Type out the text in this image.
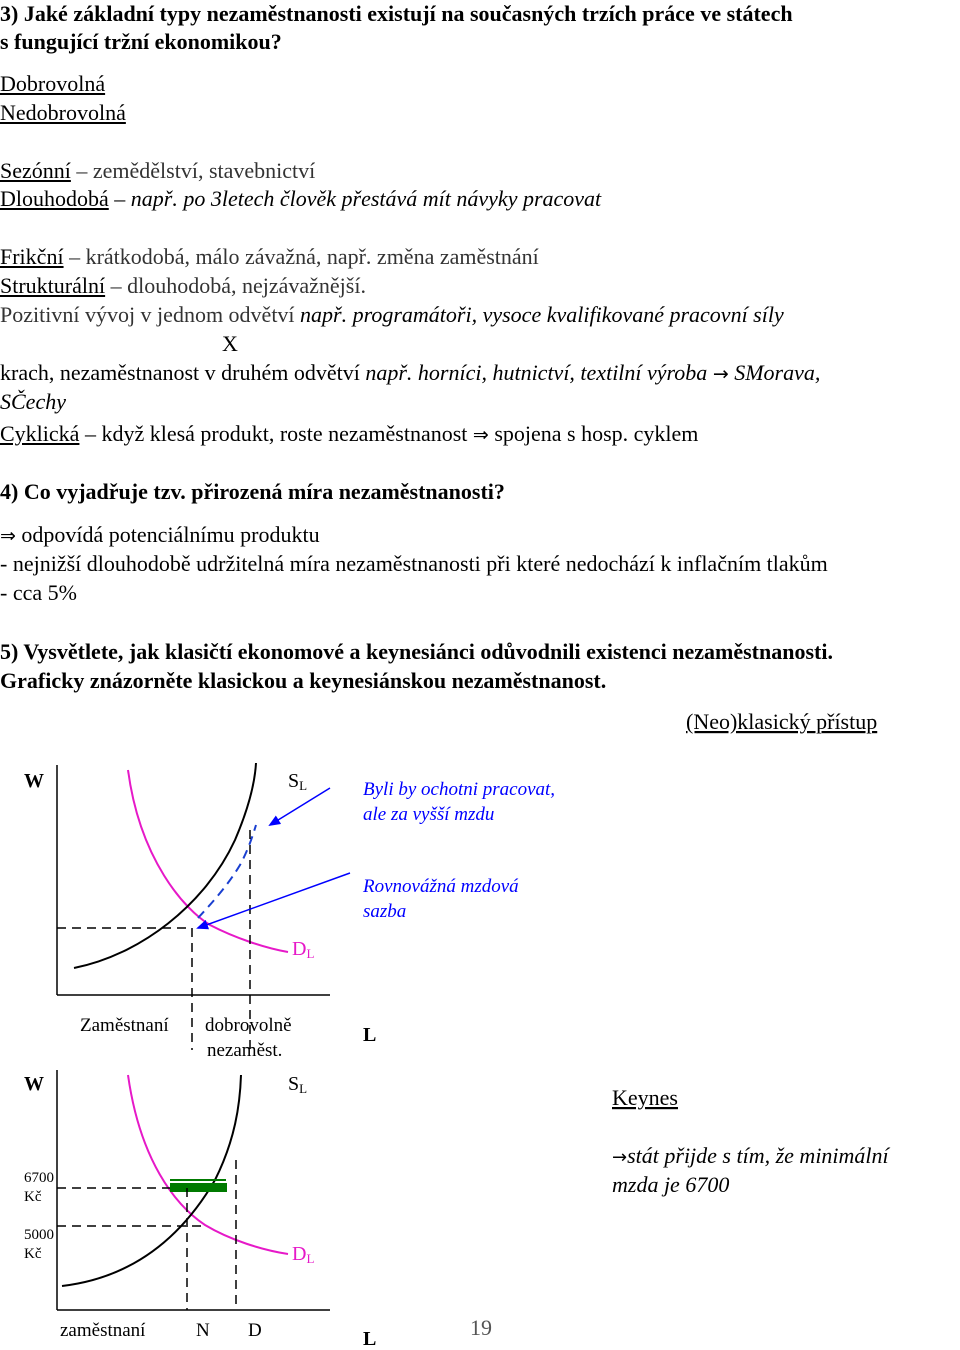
3) Jaké základní typy nezaměstnanosti existují na současných trzích práce ve státech
s fungující tržní ekonomikou?
Dobrovolná
Nedobrovolná
Sezónní – zemědělství, stavebnictví
Dlouhodobá – např. po 3letech člověk přestává mít návyky pracovat
Frikční – krátkodobá, málo závažná, např. změna zaměstnání
Strukturální – dlouhodobá, nejzávažnější.
Pozitivní vývoj v jednom odvětví např. programátoři, vysoce kvalifikované pracovní síly
X
krach, nezaměstnanost v druhém odvětví např. horníci, hutnictví, textilní výroba → SMorava,
SČechy
Cyklická – když klesá produkt, roste nezaměstnanost ⇒ spojena s hosp. cyklem
4) Co vyjadřuje tzv. přirozená míra nezaměstnanosti?
⇒ odpovídá potenciálnímu produktu
- nejnižší dlouhodobě udržitelná míra nezaměstnanosti při které nedochází k inflačním tlakům
- cca 5%
5) Vysvětlete, jak klasičtí ekonomové a keynesiánci odůvodnili existenci nezaměstnanosti.
Graficky znázorněte klasickou a keynesiánskou nezaměstnanost.
(Neo)klasický přístup
W	SL
DL
L
Byli by ochotni pracovat,
ale za vyšší mzdu
Rovnovážná mzdová
sazba
Zaměstnaní dobrovolně
nezaměst.
W	SL
DL
L
6700
Kč
5000
Kč
zaměstnaní	N D
Keynes
→stát přijde s tím, že minimální
mzda je 6700
19
